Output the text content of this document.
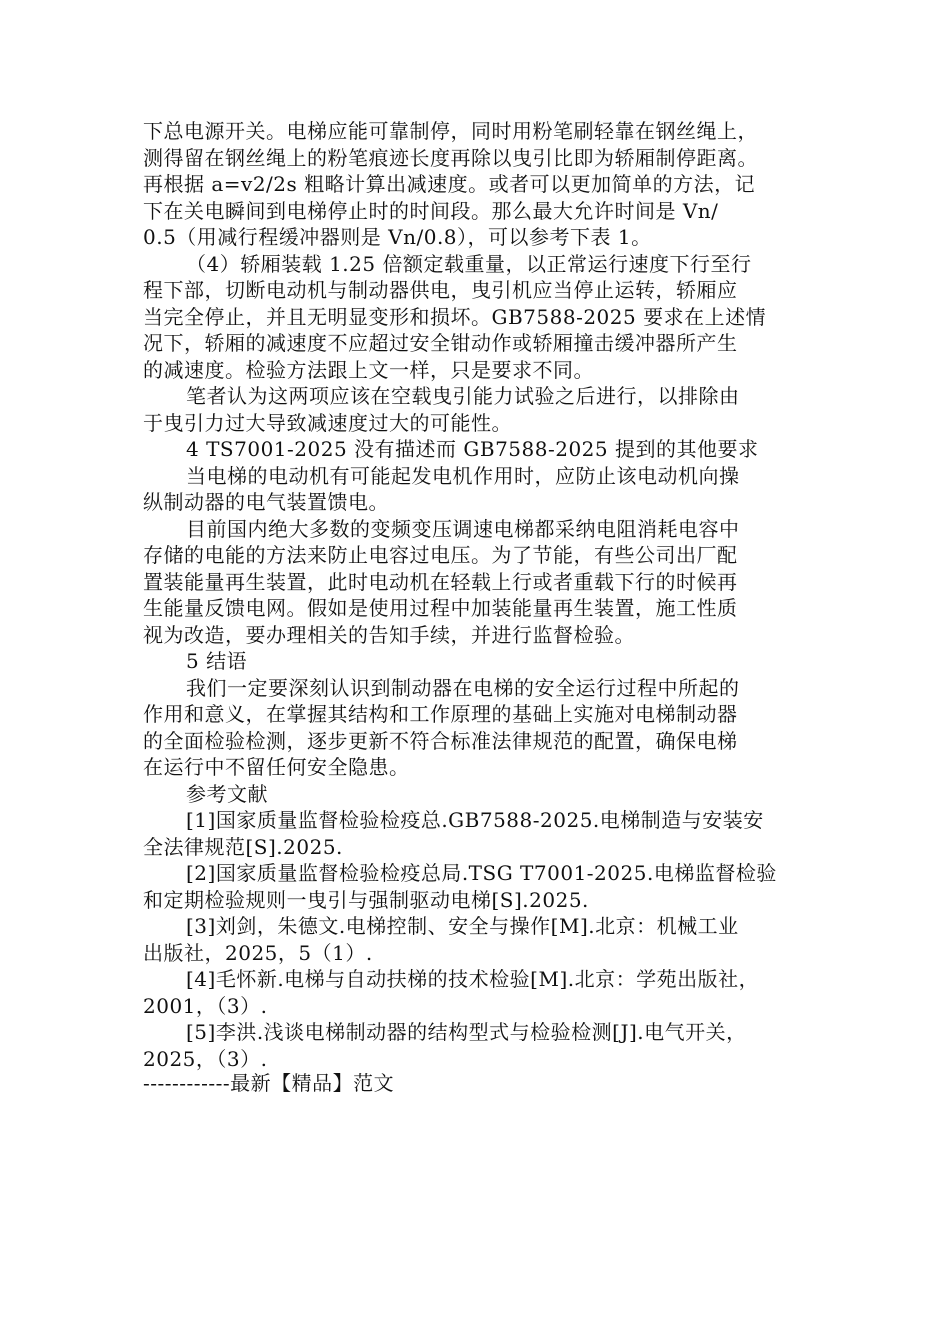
下总电源开关。电梯应能可靠制停，同时用粉笔刷轻靠在钢丝绳上，
测得留在钢丝绳上的粉笔痕迹长度再除以曳引比即为轿厢制停距离。
再根据 a=v2/2s 粗略计算出减速度。或者可以更加简单的方法，记
下在关电瞬间到电梯停止时的时间段。那么最大允许时间是 Vn/
0.5（用减行程缓冲器则是 Vn/0.8），可以参考下表 1。
（4）轿厢装载 1.25 倍额定载重量，以正常运行速度下行至行
程下部，切断电动机与制动器供电，曳引机应当停止运转，轿厢应
当完全停止，并且无明显变形和损坏。GB7588-2025 要求在上述情
况下，轿厢的减速度不应超过安全钳动作或轿厢撞击缓冲器所产生
的减速度。检验方法跟上文一样，只是要求不同。
笔者认为这两项应该在空载曳引能力试验之后进行，以排除由
于曳引力过大导致减速度过大的可能性。
4 TS7001-2025 没有描述而 GB7588-2025 提到的其他要求
当电梯的电动机有可能起发电机作用时，应防止该电动机向操
纵制动器的电气装置馈电。
目前国内绝大多数的变频变压调速电梯都采纳电阻消耗电容中
存储的电能的方法来防止电容过电压。为了节能，有些公司出厂配
置装能量再生装置，此时电动机在轻载上行或者重载下行的时候再
生能量反馈电网。假如是使用过程中加装能量再生装置，施工性质
视为改造，要办理相关的告知手续，并进行监督检验。
5 结语
我们一定要深刻认识到制动器在电梯的安全运行过程中所起的
作用和意义，在掌握其结构和工作原理的基础上实施对电梯制动器
的全面检验检测，逐步更新不符合标准法律规范的配置，确保电梯
在运行中不留任何安全隐患。
参考文献
[1]国家质量监督检验检疫总.GB7588-2025.电梯制造与安装安
全法律规范[S].2025.
[2]国家质量监督检验检疫总局.TSG T7001-2025.电梯监督检验
和定期检验规则一曳引与强制驱动电梯[S].2025.
[3]刘剑，朱德文.电梯控制、安全与操作[M].北京：机械工业
出版社，2025，5（1）.
[4]毛怀新.电梯与自动扶梯的技术检验[M].北京：学苑出版社，
2001，（3）.
[5]李洪.浅谈电梯制动器的结构型式与检验检测[J].电气开关，
2025，（3）.
------------最新【精品】范文
